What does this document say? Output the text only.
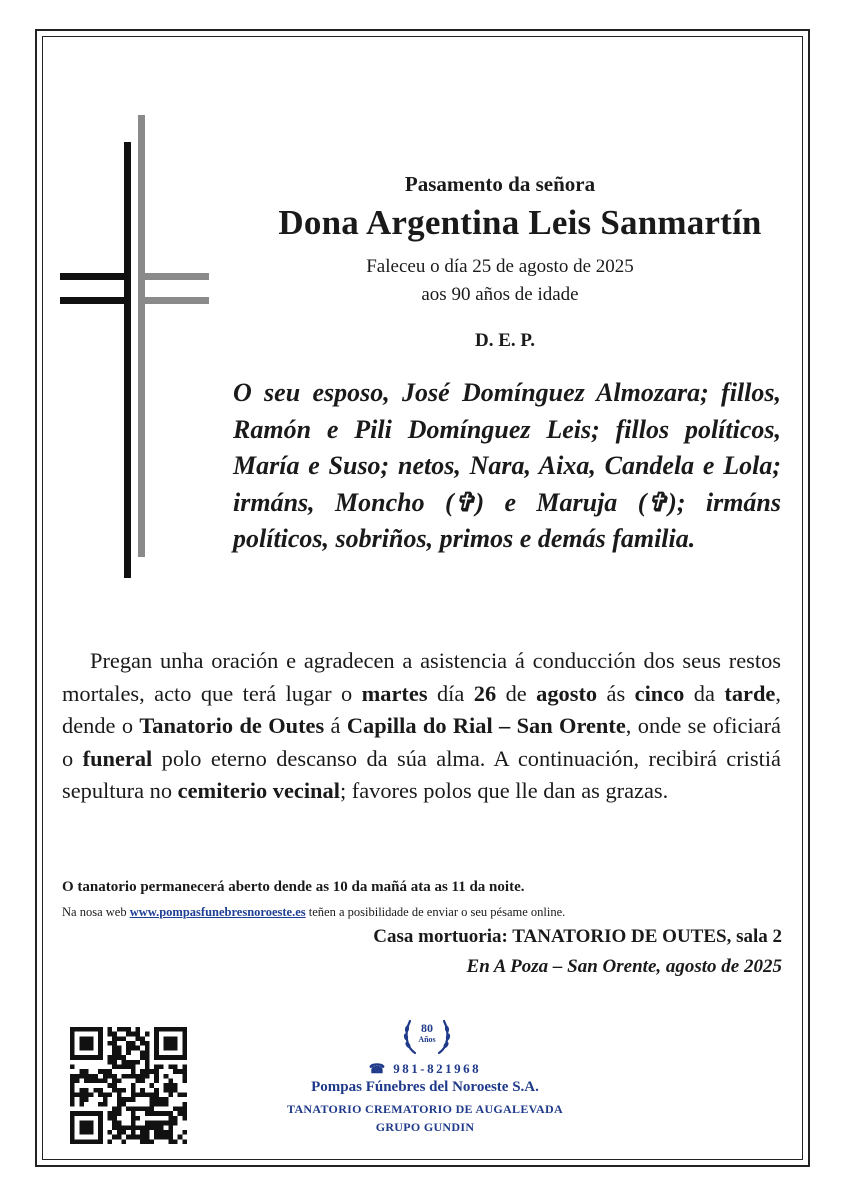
Pasamento da señora
Dona Argentina Leis Sanmartín
Faleceu o día 25 de agosto de 2025
aos 90 años de idade
D. E. P.
O seu esposo, José Domínguez Almozara; fillos, Ramón e Pili Domínguez Leis; fillos políticos, María e Suso; netos, Nara, Aixa, Candela e Lola; irmáns, Moncho (✞) e Maruja (✞); irmáns políticos, sobriños, primos e demás familia.
Pregan unha oración e agradecen a asistencia á conducción dos seus restos mortales, acto que terá lugar o martes día 26 de agosto ás cinco da tarde, dende o Tanatorio de Outes á Capilla do Rial – San Orente, onde se oficiará o funeral polo eterno descanso da súa alma. A continuación, recibirá cristiá sepultura no cemiterio vecinal; favores polos que lle dan as grazas.
O tanatorio permanecerá aberto dende as 10 da mañá ata as 11 da noite.
Na nosa web www.pompasfunebresnoroeste.es teñen a posibilidade de enviar o seu pésame online.
Casa mortuoria: TANATORIO DE OUTES, sala 2
En A Poza – San Orente, agosto de 2025
80
Años
☎ 981-821968
Pompas Fúnebres del Noroeste S.A.
TANATORIO CREMATORIO DE AUGALEVADA
GRUPO GUNDIN
